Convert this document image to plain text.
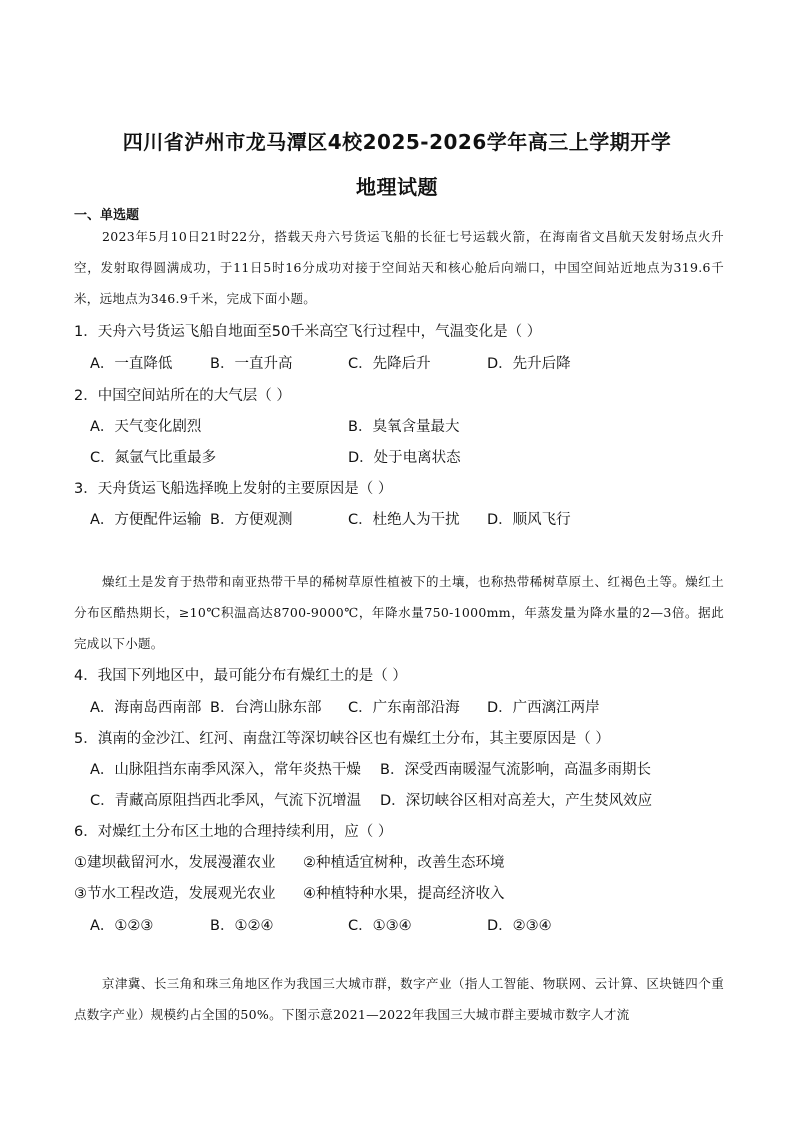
四川省泸州市龙马潭区4校2025-2026学年高三上学期开学
地理试题
一、单选题
2023年5月10日21时22分，搭载天舟六号货运飞船的长征七号运载火箭，在海南省文昌航天发射场点火升空，发射取得圆满成功，于11日5时16分成功对接于空间站天和核心舱后向端口，中国空间站近地点为319.6千米，远地点为346.9千米，完成下面小题。
1．天舟六号货运飞船自地面至50千米高空飞行过程中，气温变化是（ ）
A．一直降低	B．一直升高	C．先降后升	D．先升后降
2．中国空间站所在的大气层（ ）
A．天气变化剧烈	B．臭氧含量最大
C．氮氩气比重最多	D．处于电离状态
3．天舟货运飞船选择晚上发射的主要原因是（ ）
A．方便配件运输 B．方便观测	C．杜绝人为干扰 D．顺风飞行
燥红土是发育于热带和南亚热带干旱的稀树草原性植被下的土壤，也称热带稀树草原土、红褐色土等。燥红土分布区酷热期长，≥10℃积温高达8700-9000℃，年降水量750-1000mm，年蒸发量为降水量的2—3倍。据此完成以下小题。
4．我国下列地区中，最可能分布有燥红土的是（ ）
A．海南岛西南部 B．台湾山脉东部 C．广东南部沿海 D．广西漓江两岸
5．滇南的金沙江、红河、南盘江等深切峡谷区也有燥红土分布，其主要原因是（ ）
A．山脉阻挡东南季风深入，常年炎热干燥 B．深受西南暖湿气流影响，高温多雨期长
C．青藏高原阻挡西北季风，气流下沉增温 D．深切峡谷区相对高差大，产生焚风效应
6．对燥红土分布区土地的合理持续利用，应（ ）
①建坝截留河水，发展漫灌农业 ②种植适宜树种，改善生态环境
③节水工程改造，发展观光农业 ④种植特种水果，提高经济收入
A．①②③	B．①②④	C．①③④	D．②③④
京津冀、长三角和珠三角地区作为我国三大城市群，数字产业（指人工智能、物联网、云计算、区块链四个重点数字产业）规模约占全国的50%。下图示意2021—2022年我国三大城市群主要城市数字人才流
